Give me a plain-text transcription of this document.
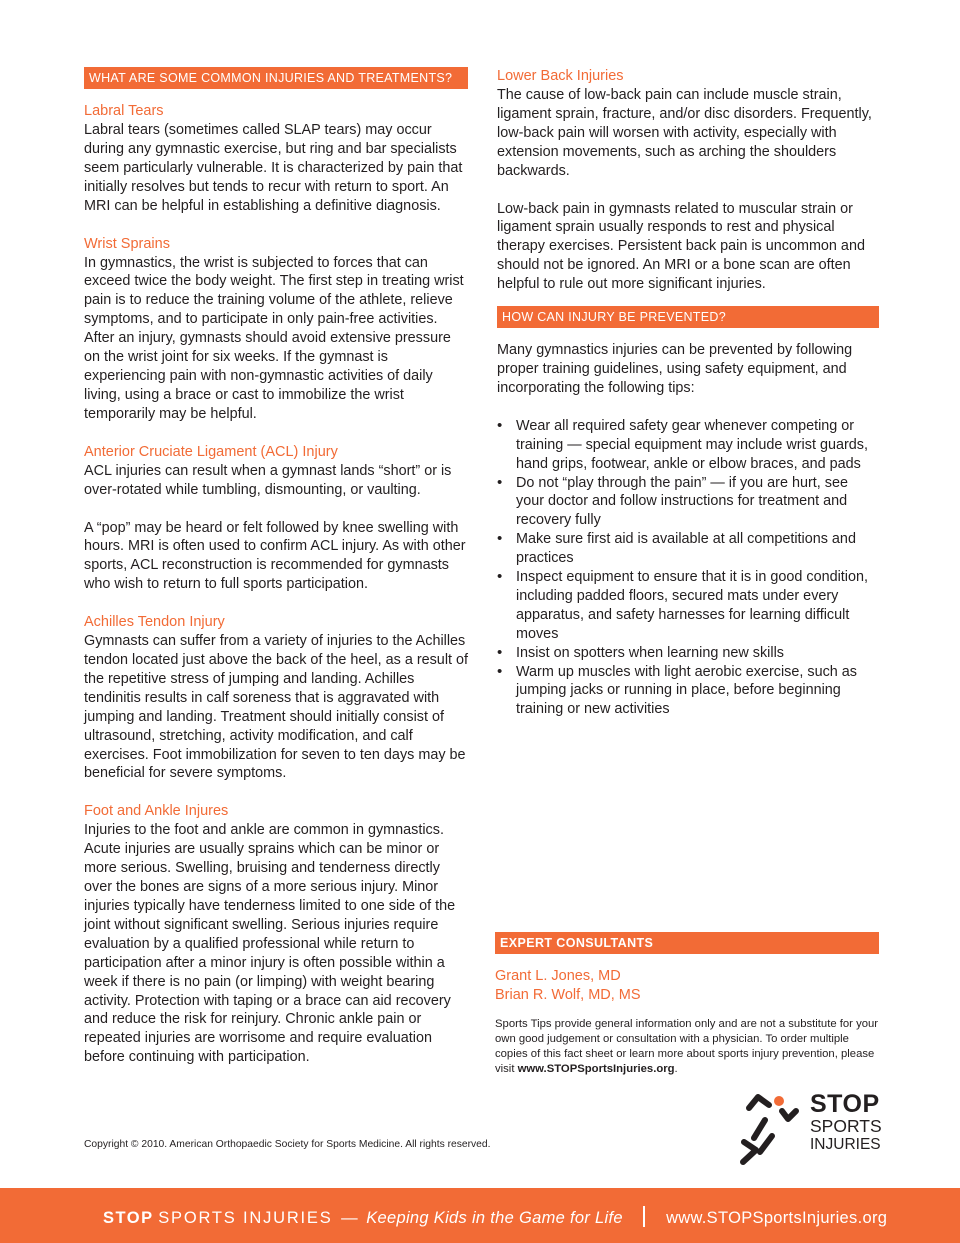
WHAT ARE SOME COMMON INJURIES AND TREATMENTS?

Labral Tears

Labral tears (sometimes called SLAP tears) may occur during any gymnastic exercise, but ring and bar specialists seem particularly vulnerable. It is characterized by pain that initially resolves but tends to recur with return to sport. An MRI can be helpful in establishing a definitive diagnosis.

Wrist Sprains

In gymnastics, the wrist is subjected to forces that can exceed twice the body weight. The first step in treating wrist pain is to reduce the training volume of the athlete, relieve symptoms, and to participate in only pain-free activities. After an injury, gymnasts should avoid extensive pressure on the wrist joint for six weeks. If the gymnast is experiencing pain with non-gymnastic activities of daily living, using a brace or cast to immobilize the wrist temporarily may be helpful.

Anterior Cruciate Ligament (ACL) Injury

ACL injuries can result when a gymnast lands “short” or is over-rotated while tumbling, dismounting, or vaulting.

A “pop” may be heard or felt followed by knee swelling with hours. MRI is often used to confirm ACL injury. As with other sports, ACL reconstruction is recommended for gymnasts who wish to return to full sports participation.

Achilles Tendon Injury

Gymnasts can suffer from a variety of injuries to the Achilles tendon located just above the back of the heel, as a result of the repetitive stress of jumping and landing. Achilles tendinitis results in calf soreness that is aggravated with jumping and landing. Treatment should initially consist of ultrasound, stretching, activity modification, and calf exercises. Foot immobilization for seven to ten days may be beneficial for severe symptoms.

Foot and Ankle Injures

Injuries to the foot and ankle are common in gymnastics. Acute injuries are usually sprains which can be minor or more serious. Swelling, bruising and tenderness directly over the bones are signs of a more serious injury. Minor injuries typically have tenderness limited to one side of the joint without significant swelling. Serious injuries require evaluation by a qualified professional while return to participation after a minor injury is often possible within a week if there is no pain (or limping) with weight bearing activity. Protection with taping or a brace can aid recovery and reduce the risk for reinjury. Chronic ankle pain or repeated injuries are worrisome and require evaluation before continuing with participation.

Lower Back Injuries

The cause of low-back pain can include muscle strain, ligament sprain, fracture, and/or disc disorders. Frequently, low-back pain will worsen with activity, especially with extension movements, such as arching the shoulders backwards.

Low-back pain in gymnasts related to muscular strain or ligament sprain usually responds to rest and physical therapy exercises. Persistent back pain is uncommon and should not be ignored. An MRI or a bone scan are often helpful to rule out more significant injuries.

HOW CAN INJURY BE PREVENTED?

Many gymnastics injuries can be prevented by following proper training guidelines, using safety equipment, and incorporating the following tips:

• Wear all required safety gear whenever competing or training — special equipment may include wrist guards, hand grips, footwear, ankle or elbow braces, and pads
• Do not “play through the pain” — if you are hurt, see your doctor and follow instructions for treatment and recovery fully
• Make sure first aid is available at all competitions and practices
• Inspect equipment to ensure that it is in good condition, including padded floors, secured mats under every apparatus, and safety harnesses for learning difficult moves
• Insist on spotters when learning new skills
• Warm up muscles with light aerobic exercise, such as jumping jacks or running in place, before beginning training or new activities
EXPERT CONSULTANTS

Grant L. Jones, MD

Brian R. Wolf, MD, MS

Sports Tips provide general information only and are not a substitute for your own good judgement or consultation with a physician. To order multiple copies of this fact sheet or learn more about sports injury prevention, please visit www.STOPSportsInjuries.org.

Copyright © 2010. American Orthopaedic Society for Sports Medicine. All rights reserved.
STOP
SPORTS
INJURIES
STOP SPORTS INJURIES — Keeping Kids in the Game for Life	www.STOPSportsInjuries.org
